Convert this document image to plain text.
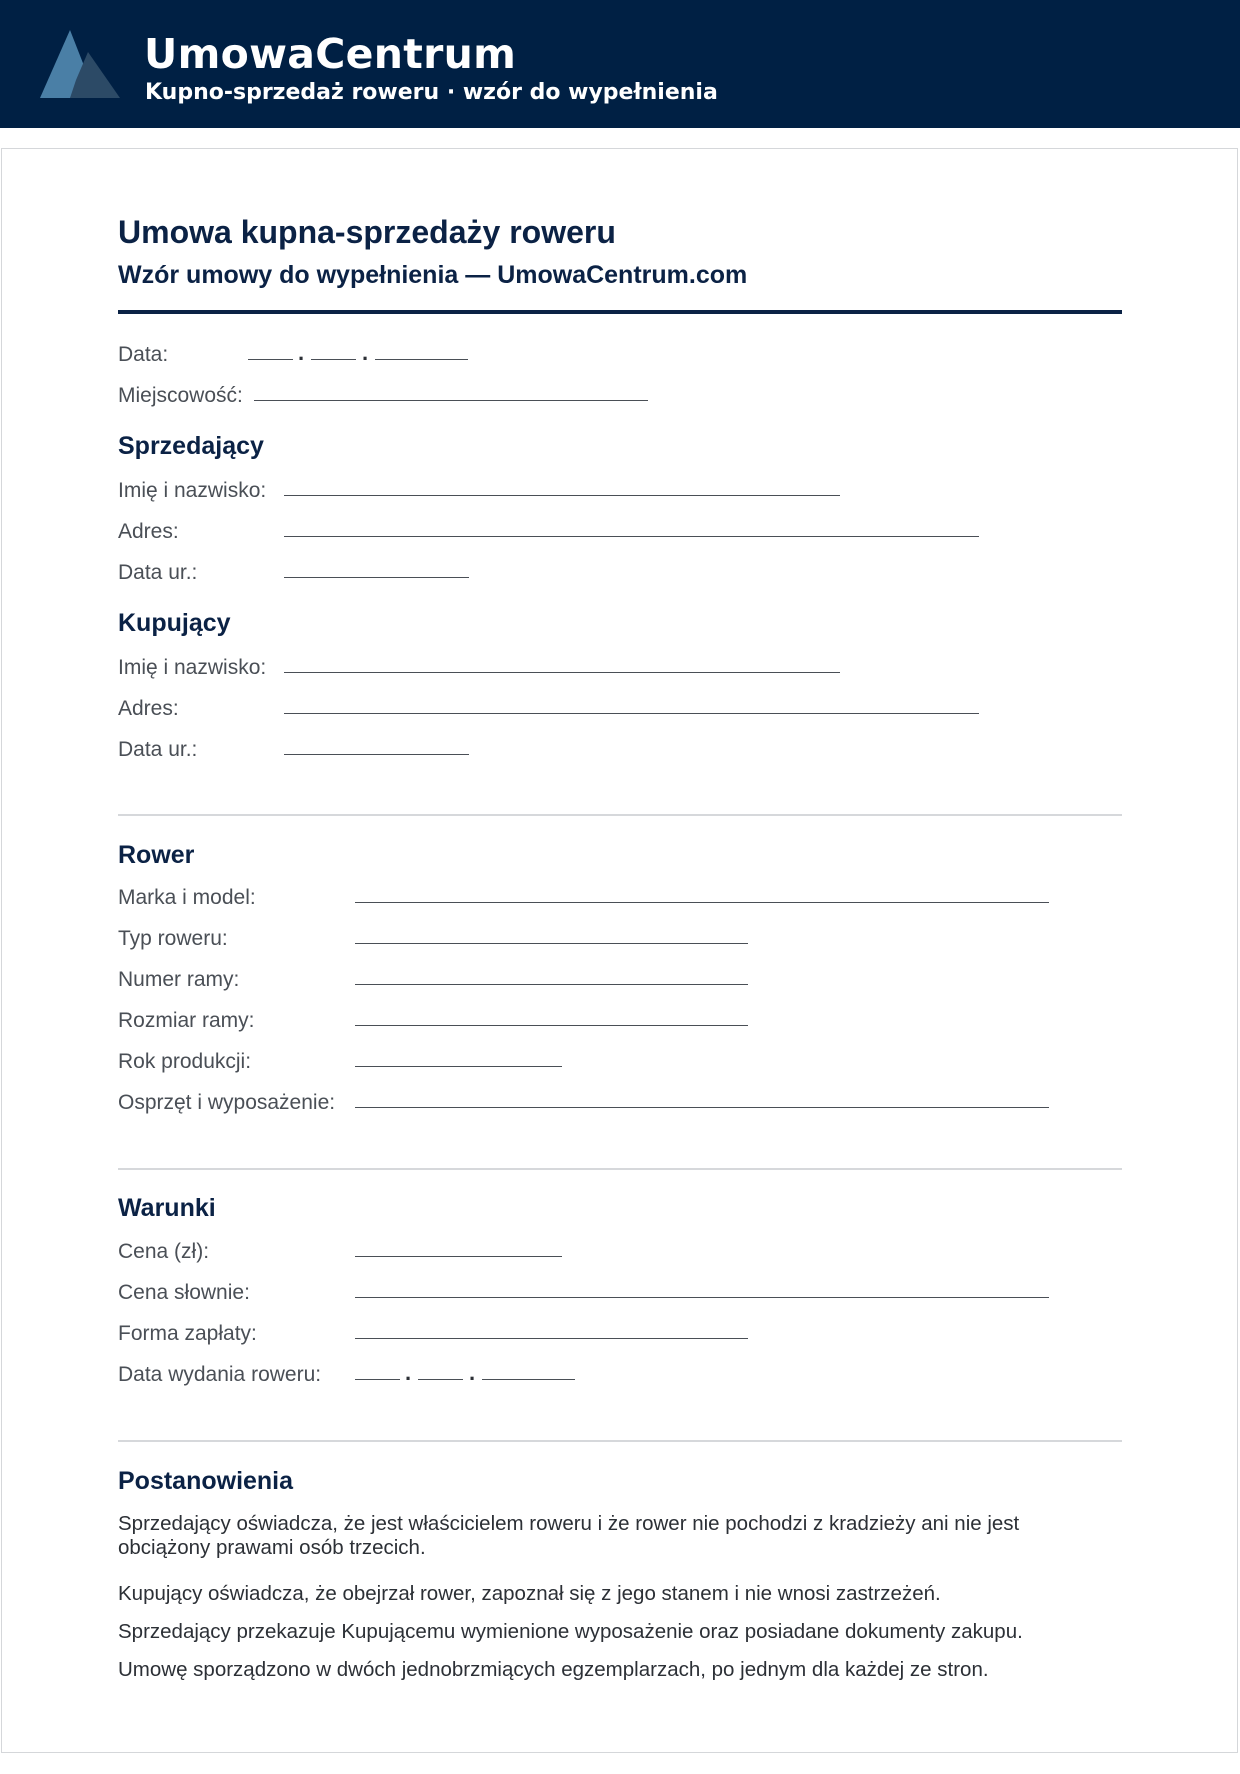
UmowaCentrum
Kupno-sprzedaż roweru · wzór do wypełnienia
Umowa kupna-sprzedaży roweru
Wzór umowy do wypełnienia — UmowaCentrum.com
Data:	.	.
Miejscowość:
Sprzedający
Imię i nazwisko:
Adres:
Data ur.:
Kupujący
Imię i nazwisko:
Adres:
Data ur.:
Rower
Marka i model:
Typ roweru:
Numer ramy:
Rozmiar ramy:
Rok produkcji:
Osprzęt i wyposażenie:
Warunki
Cena (zł):
Cena słownie:
Forma zapłaty:
Data wydania roweru:	.	.
Postanowienia
Sprzedający oświadcza, że jest właścicielem roweru i że rower nie pochodzi z kradzieży ani nie jest obciążony prawami osób trzecich.
Kupujący oświadcza, że obejrzał rower, zapoznał się z jego stanem i nie wnosi zastrzeżeń.
Sprzedający przekazuje Kupującemu wymienione wyposażenie oraz posiadane dokumenty zakupu.
Umowę sporządzono w dwóch jednobrzmiących egzemplarzach, po jednym dla każdej ze stron.
